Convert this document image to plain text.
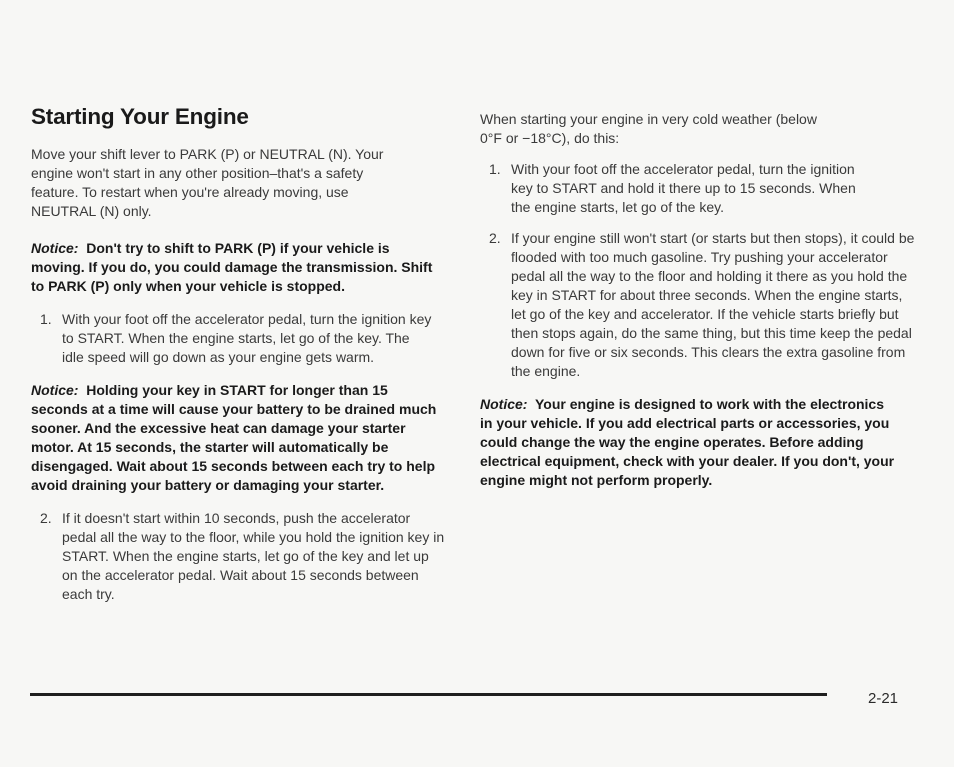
Starting Your Engine

Move your shift lever to PARK (P) or NEUTRAL (N). Your engine won't start in any other position–that's a safety feature. To restart when you're already moving, use NEUTRAL (N) only.

Notice: Don't try to shift to PARK (P) if your vehicle is moving. If you do, you could damage the transmission. Shift to PARK (P) only when your vehicle is stopped.

1. With your foot off the accelerator pedal, turn the ignition key to START. When the engine starts, let go of the key. The idle speed will go down as your engine gets warm.

Notice: Holding your key in START for longer than 15 seconds at a time will cause your battery to be drained much sooner. And the excessive heat can damage your starter motor. At 15 seconds, the starter will automatically be disengaged. Wait about 15 seconds between each try to help avoid draining your battery or damaging your starter.

2. If it doesn't start within 10 seconds, push the accelerator pedal all the way to the floor, while you hold the ignition key in START. When the engine starts, let go of the key and let up on the accelerator pedal. Wait about 15 seconds between each try.

When starting your engine in very cold weather (below 0°F or −18°C), do this:

1. With your foot off the accelerator pedal, turn the ignition key to START and hold it there up to 15 seconds. When the engine starts, let go of the key.
2. If your engine still won't start (or starts but then stops), it could be flooded with too much gasoline. Try pushing your accelerator pedal all the way to the floor and holding it there as you hold the key in START for about three seconds. When the engine starts, let go of the key and accelerator. If the vehicle starts briefly but then stops again, do the same thing, but this time keep the pedal down for five or six seconds. This clears the extra gasoline from the engine.

Notice: Your engine is designed to work with the electronics in your vehicle. If you add electrical parts or accessories, you could change the way the engine operates. Before adding electrical equipment, check with your dealer. If you don't, your engine might not perform properly.

2-21
